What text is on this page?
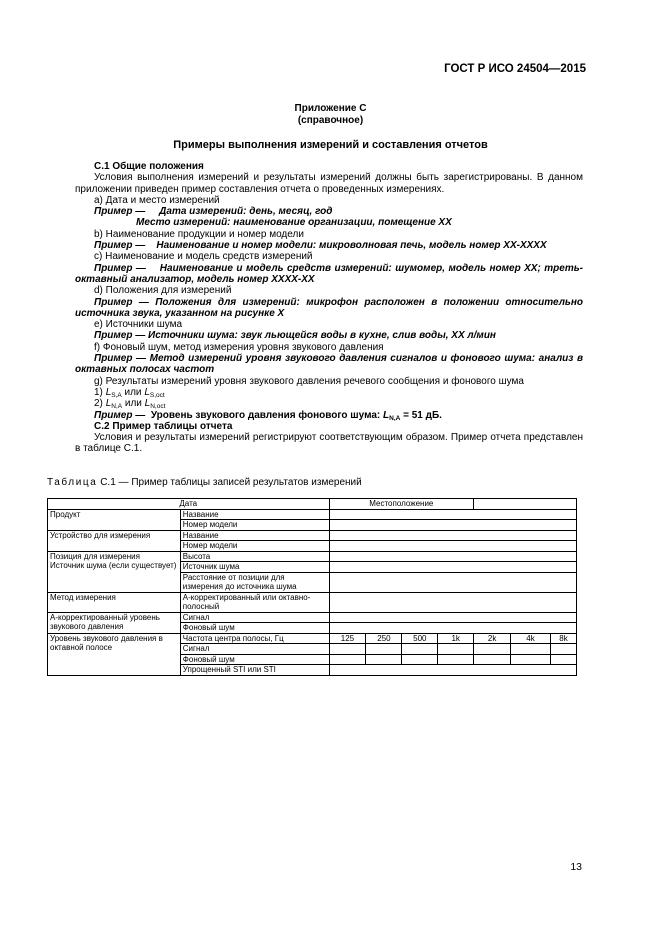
ГОСТ Р ИСО 24504—2015
Приложение С
(справочное)
Примеры выполнения измерений и составления отчетов

С.1 Общие положения

Условия выполнения измерений и результаты измерений должны быть зарегистрированы. В данном приложении приведен пример составления отчета о проведенных измерениях.

а) Дата и место измерений

Пример — Дата измерений: день, месяц, год

Место измерений: наименование организации, помещение ХХ

b) Наименование продукции и номер модели

Пример — Наименование и номер модели: микроволновая печь, модель номер ХХ-ХХХХ

c) Наименование и модель средств измерений

Пример — Наименование и модель средств измерений: шумомер, модель номер ХХ; треть-октавный анализатор, модель номер ХХХХ-ХХ

d) Положения для измерений

Пример — Положения для измерений: микрофон расположен в положении относительно источника звука, указанном на рисунке Х

е) Источники шума

Пример — Источники шума: звук льющейся воды в кухне, слив воды, ХХ л/мин

f) Фоновый шум, метод измерения уровня звукового давления

Пример — Метод измерений уровня звукового давления сигналов и фонового шума: анализ в октавных полосах частот

g) Результаты измерений уровня звукового давления речевого сообщения и фонового шума

1) $L_{S,A}$ или $L_{S,oct}$

2) $L_{N,A}$ или $L_{N,oct}$

Пример — Уровень звукового давления фонового шума: $L_{N,A} = 51$ дБ.

С.2 Пример таблицы отчета

Условия и результаты измерений регистрируют соответствующим образом. Пример отчета представлен в таблице С.1.

Таблица С.1 — Пример таблицы записей результатов измерений
Дата		Местоположение						
Продукт	Название							
	Номер модели							
Устройство для измерения	Название							
	Номер модели							

Позиция для измерения
Источник шума (если существует)	Высота							
	Источник шума							
	Расстояние от позиции для измерения до источника шума							
Метод измерения	А-корректированный или октавно-полосный							
А-корректированный уровень звукового давления	Сигнал							
	Фоновый шум							
Уровень звукового давления в октавной полосе	Частота центра полосы, Гц	125	250	500	1k	2k	4k	8k
	Сигнал							
	Фоновый шум							
	Упрощенный STI или STI							
13
